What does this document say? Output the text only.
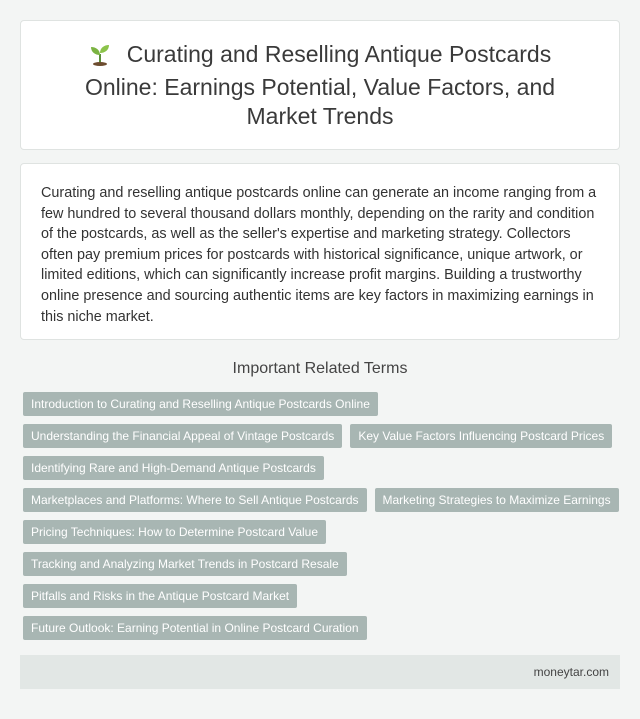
Curating and Reselling Antique Postcards Online: Earnings Potential, Value Factors, and Market Trends

Curating and reselling antique postcards online can generate an income ranging from a few hundred to several thousand dollars monthly, depending on the rarity and condition of the postcards, as well as the seller's expertise and marketing strategy. Collectors often pay premium prices for postcards with historical significance, unique artwork, or limited editions, which can significantly increase profit margins. Building a trustworthy online presence and sourcing authentic items are key factors in maximizing earnings in this niche market.

Important Related Terms
Introduction to Curating and Reselling Antique Postcards Online
Understanding the Financial Appeal of Vintage Postcards	Key Value Factors Influencing Postcard Prices
Identifying Rare and High-Demand Antique Postcards
Marketplaces and Platforms: Where to Sell Antique Postcards	Marketing Strategies to Maximize Earnings
Pricing Techniques: How to Determine Postcard Value
Tracking and Analyzing Market Trends in Postcard Resale
Pitfalls and Risks in the Antique Postcard Market
Future Outlook: Earning Potential in Online Postcard Curation
moneytar.com
